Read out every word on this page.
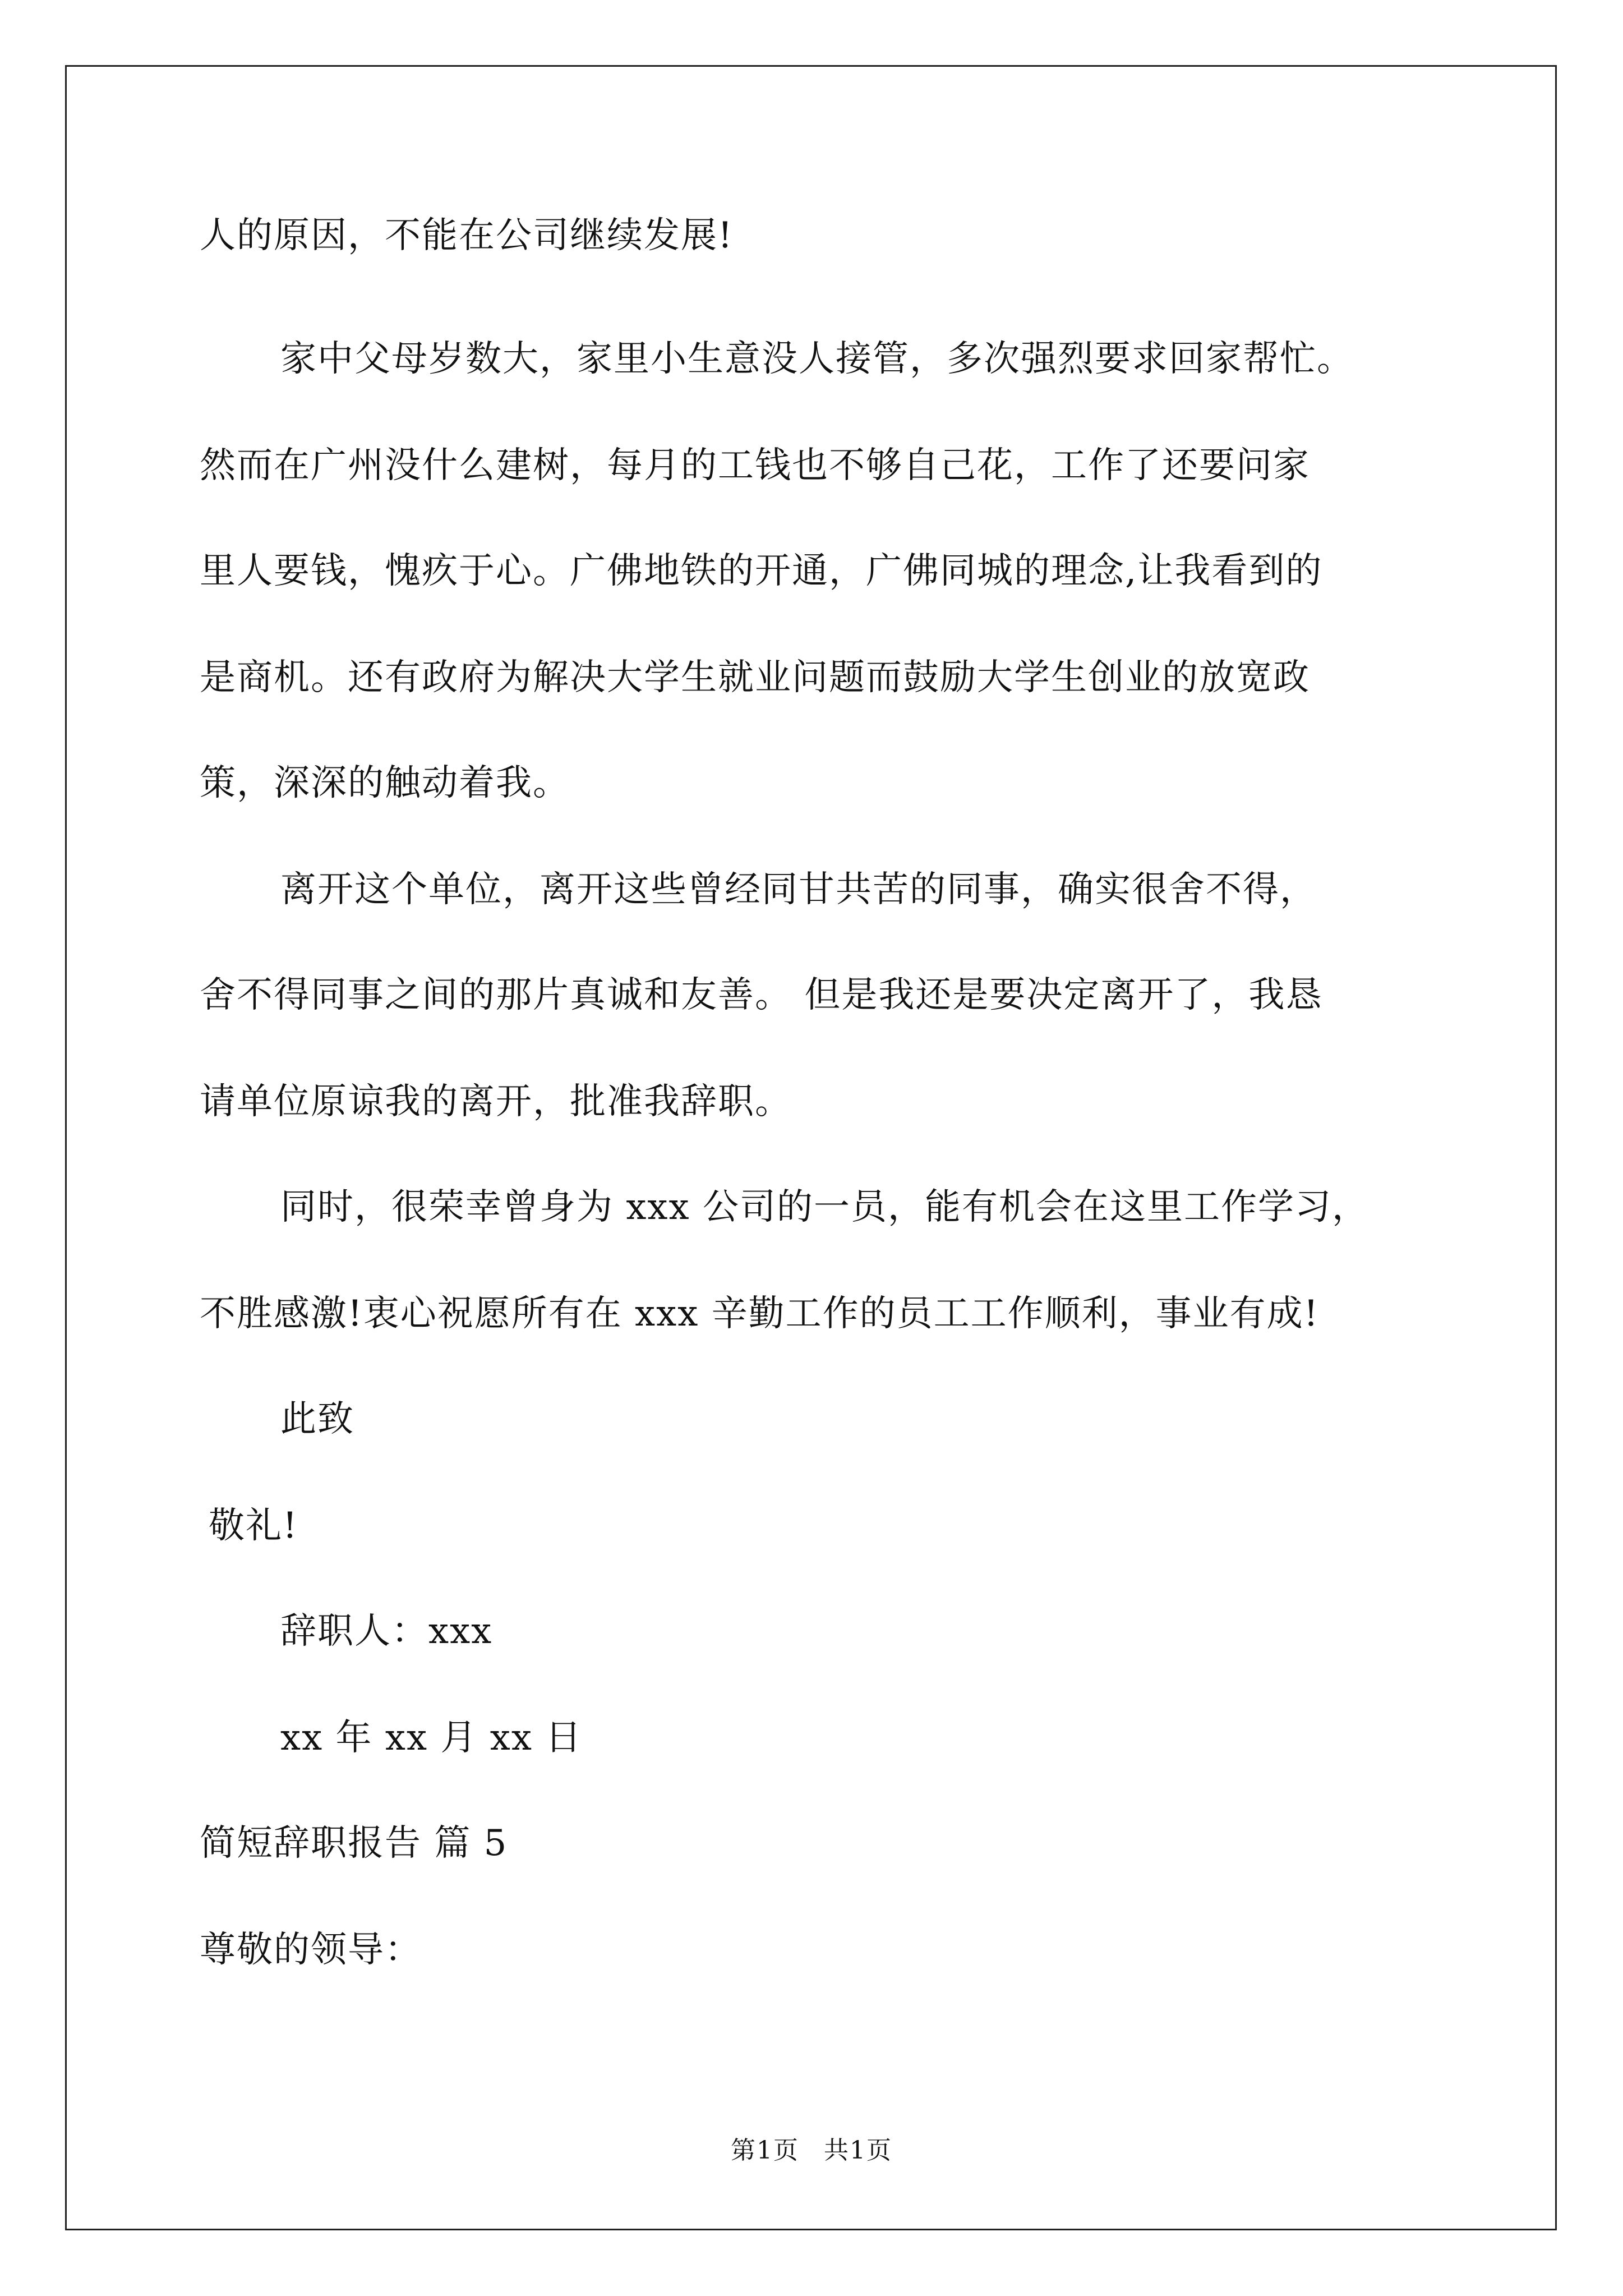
人的原因，不能在公司继续发展!
家中父母岁数大，家里小生意没人接管，多次强烈要求回家帮忙。
然而在广州没什么建树，每月的工钱也不够自己花，工作了还要问家
里人要钱，愧疚于心。广佛地铁的开通，广佛同城的理念,让我看到的
是商机。还有政府为解决大学生就业问题而鼓励大学生创业的放宽政
策，深深的触动着我。
离开这个单位，离开这些曾经同甘共苦的同事，确实很舍不得，
舍不得同事之间的那片真诚和友善。 但是我还是要决定离开了，我恳
请单位原谅我的离开，批准我辞职。
同时，很荣幸曾身为 xxx 公司的一员，能有机会在这里工作学习，
不胜感激!衷心祝愿所有在 xxx 辛勤工作的员工工作顺利，事业有成!
此致
敬礼!
辞职人：xxx
xx 年 xx 月 xx 日
简短辞职报告 篇 5
尊敬的领导：
第1页 共1页
